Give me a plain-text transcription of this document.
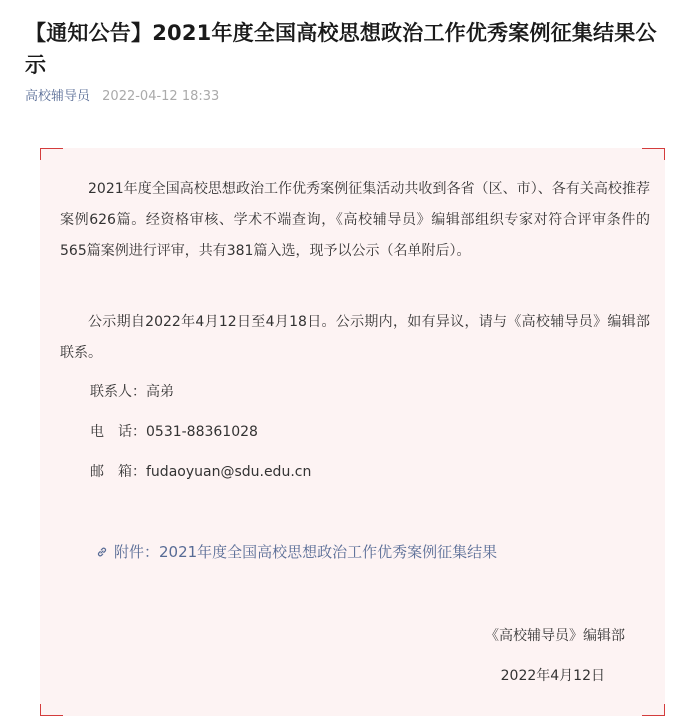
【通知公告】2021年度全国高校思想政治工作优秀案例征集结果公示
高校辅导员 2022-04-12 18:33

2021年度全国高校思想政治工作优秀案例征集活动共收到各省（区、市）、各有关高校推荐案例626篇。经资格审核、学术不端查询，《高校辅导员》编辑部组织专家对符合评审条件的565篇案例进行评审，共有381篇入选，现予以公示（名单附后）。

公示期自2022年4月12日至4月18日。公示期内，如有异议，请与《高校辅导员》编辑部联系。

联系人：高弟
电　话：0531-88361028
邮　箱：fudaoyuan@sdu.edu.cn
附件：2021年度全国高校思想政治工作优秀案例征集结果
《高校辅导员》编辑部
2022年4月12日
